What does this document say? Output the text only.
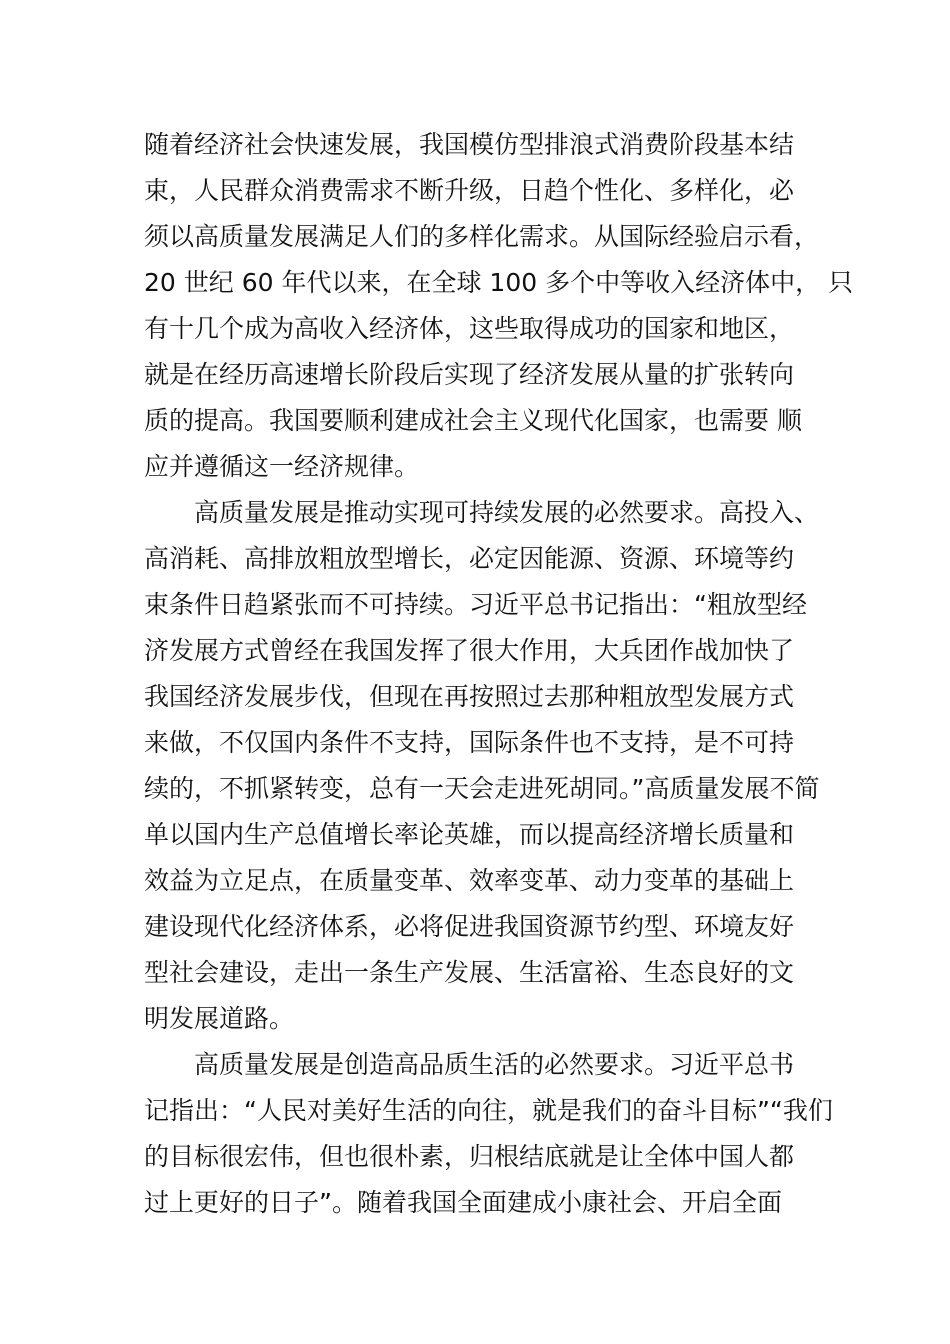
随着经济社会快速发展，我国模仿型排浪式消费阶段基本结
束，人民群众消费需求不断升级，日趋个性化、多样化，必
须以高质量发展满足人们的多样化需求。从国际经验启示看，
20 世纪 60 年代以来，在全球 100 多个中等收入经济体中， 只
有十几个成为高收入经济体，这些取得成功的国家和地区，
就是在经历高速增长阶段后实现了经济发展从量的扩张转向
质的提高。我国要顺利建成社会主义现代化国家，也需要 顺
应并遵循这一经济规律。
高质量发展是推动实现可持续发展的必然要求。高投入、
高消耗、高排放粗放型增长，必定因能源、资源、环境等约
束条件日趋紧张而不可持续。习近平总书记指出：“粗放型经
济发展方式曾经在我国发挥了很大作用，大兵团作战加快了
我国经济发展步伐，但现在再按照过去那种粗放型发展方式
来做，不仅国内条件不支持，国际条件也不支持，是不可持
续的，不抓紧转变，总有一天会走进死胡同。”高质量发展不简
单以国内生产总值增长率论英雄，而以提高经济增长质量和
效益为立足点，在质量变革、效率变革、动力变革的基础上
建设现代化经济体系，必将促进我国资源节约型、环境友好
型社会建设，走出一条生产发展、生活富裕、生态良好的文
明发展道路。
高质量发展是创造高品质生活的必然要求。习近平总书
记指出：“人民对美好生活的向往，就是我们的奋斗目标”“我们
的目标很宏伟，但也很朴素，归根结底就是让全体中国人都
过上更好的日子”。随着我国全面建成小康社会、开启全面
